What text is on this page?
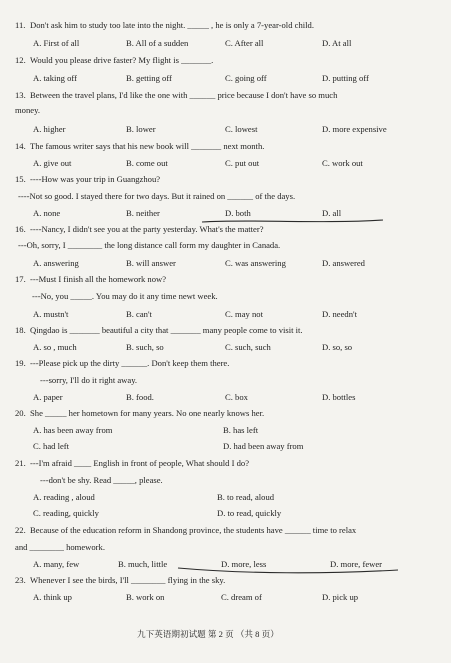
11. Don't ask him to study too late into the night. _____ , he is only a 7-year-old child.
A. First of all	B. All of a sudden	C. After all	D. At all
12. Would you please drive faster? My flight is _______.
A. taking off	B. getting off	C. going off	D. putting off
13. Between the travel plans, I'd like the one with ______ price because I don't have so much
money.
A. higher	B. lower	C. lowest	D. more expensive
14. The famous writer says that his new book will _______ next month.
A. give out	B. come out	C. put out	C. work out
15. ----How was your trip in Guangzhou?
----Not so good. I stayed there for two days. But it rained on ______ of the days.
A. none	B. neither	D. both	D. all
16. ----Nancy, I didn't see you at the party yesterday. What's the matter?
---Oh, sorry, I ________ the long distance call form my daughter in Canada.
A. answering	B. will answer	C. was answering	D. answered
17. ---Must I finish all the homework now?
---No, you _____. You may do it any time newt week.
A. mustn't	B. can't	C. may not	D. needn't
18. Qingdao is _______ beautiful a city that _______ many people come to visit it.
A. so , much	B. such, so	C. such, such	D. so, so
19. ---Please pick up the dirty ______. Don't keep them there.
---sorry, I'll do it right away.
A. paper	B. food.	C. box	D. bottles
20. She _____ her hometown for many years. No one nearly knows her.
A. has been away from	B. has left
C. had left	D. had been away from
21. ---I'm afraid ____ English in front of people, What should I do?
---don't be shy. Read _____, please.
A. reading , aloud	B. to read, aloud
C. reading, quickly	D. to read, quickly
22. Because of the education reform in Shandong province, the students have ______ time to relax
and ________ homework.
A. many, few	B. much, little	D. more, less	D. more, fewer
23. Whenever I see the birds, I'll ________ flying in the sky.
A. think up	B. work on	C. dream of	D. pick up
九下英语期初试题 第 2 页 （共 8 页）
